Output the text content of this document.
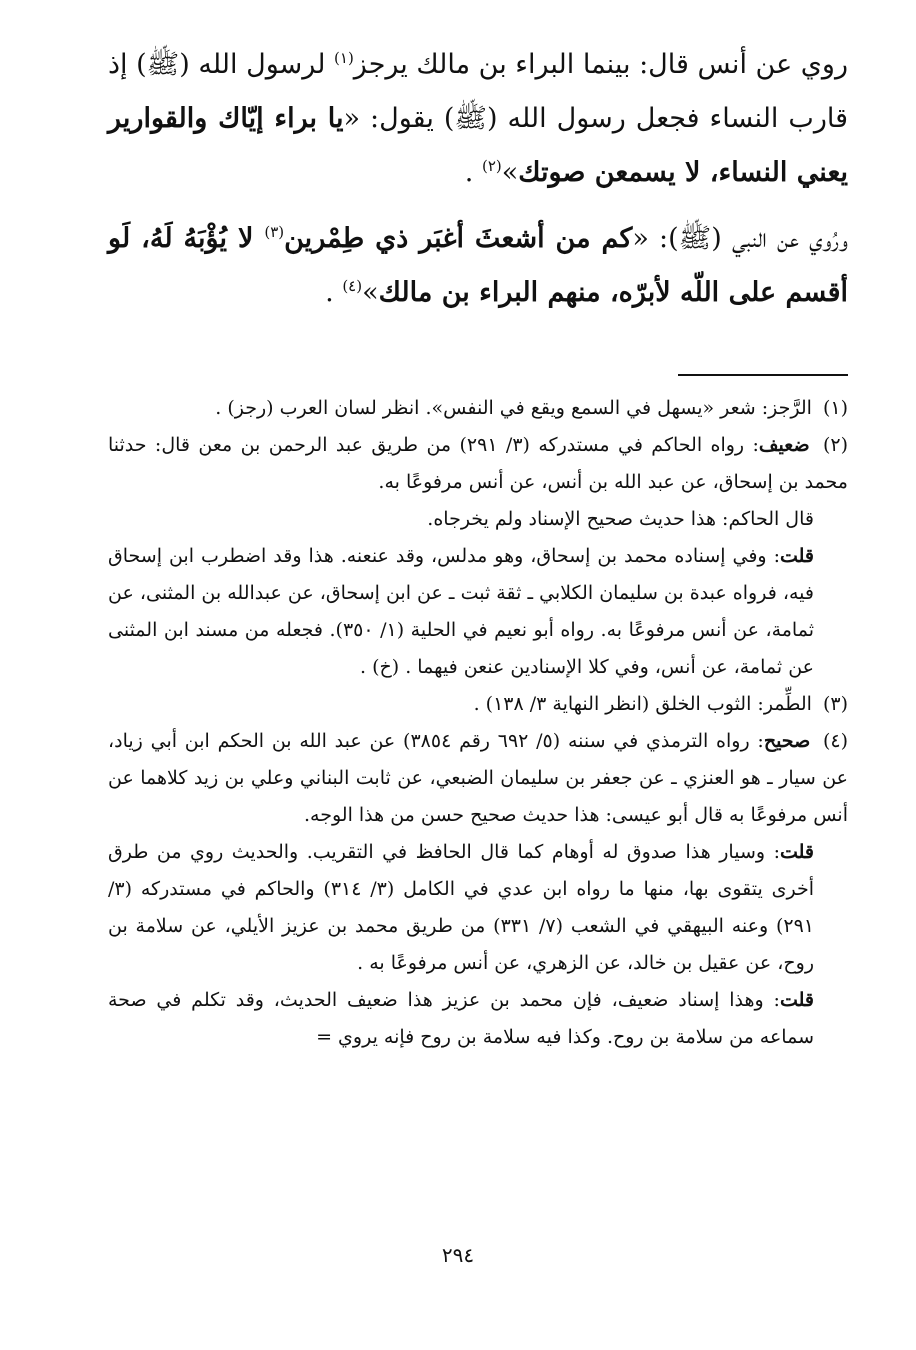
روي عن أنس قال: بينما البراء بن مالك يرجز$^{(١)}$ لرسول الله (ﷺ) إذ قارب النساء فجعل رسول الله (ﷺ) يقول: «يا براء إيّاك والقوارير يعني النساء، لا يسمعن صوتك»$^{(٢)}$ .

ورُوي عن النبي (ﷺ): «كم من أشعثَ أغبَر ذي طِمْرين$^{(٣)}$ لا يُؤْبَهُ لَهُ، لَو أقسم على اللّه لأبرّه، منهم البراء بن مالك»$^{(٤)}$ .

(١) الرَّجز: شعر «يسهل في السمع ويقع في النفس». انظر لسان العرب (رجز) .

(٢) ضعيف: رواه الحاكم في مستدركه (٣/ ٢٩١) من طريق عبد الرحمن بن معن قال: حدثنا محمد بن إسحاق، عن عبد الله بن أنس، عن أنس مرفوعًا به.

قال الحاكم: هذا حديث صحيح الإسناد ولم يخرجاه.

قلت: وفي إسناده محمد بن إسحاق، وهو مدلس، وقد عنعنه. هذا وقد اضطرب ابن إسحاق فيه، فرواه عبدة بن سليمان الكلابي ـ ثقة ثبت ـ عن ابن إسحاق، عن عبدالله بن المثنى، عن ثمامة، عن أنس مرفوعًا به. رواه أبو نعيم في الحلية (١/ ٣٥٠). فجعله من مسند ابن المثنى عن ثمامة، عن أنس، وفي كلا الإسنادين عنعن فيهما . (خ) .

(٣) الطِّمر: الثوب الخلق (انظر النهاية ٣/ ١٣٨) .

(٤) صحيح: رواه الترمذي في سننه (٥/ ٦٩٢ رقم ٣٨٥٤) عن عبد الله بن الحكم ابن أبي زياد، عن سيار ـ هو العنزي ـ عن جعفر بن سليمان الضبعي، عن ثابت البناني وعلي بن زيد كلاهما عن أنس مرفوعًا به قال أبو عيسى: هذا حديث صحيح حسن من هذا الوجه.

قلت: وسيار هذا صدوق له أوهام كما قال الحافظ في التقريب. والحديث روي من طرق أخرى يتقوى بها، منها ما رواه ابن عدي في الكامل (٣/ ٣١٤) والحاكم في مستدركه (٣/ ٢٩١) وعنه البيهقي في الشعب (٧/ ٣٣١) من طريق محمد بن عزيز الأيلي، عن سلامة بن روح، عن عقيل بن خالد، عن الزهري، عن أنس مرفوعًا به .

قلت: وهذا إسناد ضعيف، فإن محمد بن عزيز هذا ضعيف الحديث، وقد تكلم في صحة سماعه من سلامة بن روح. وكذا فيه سلامة بن روح فإنه يروي =

٢٩٤
